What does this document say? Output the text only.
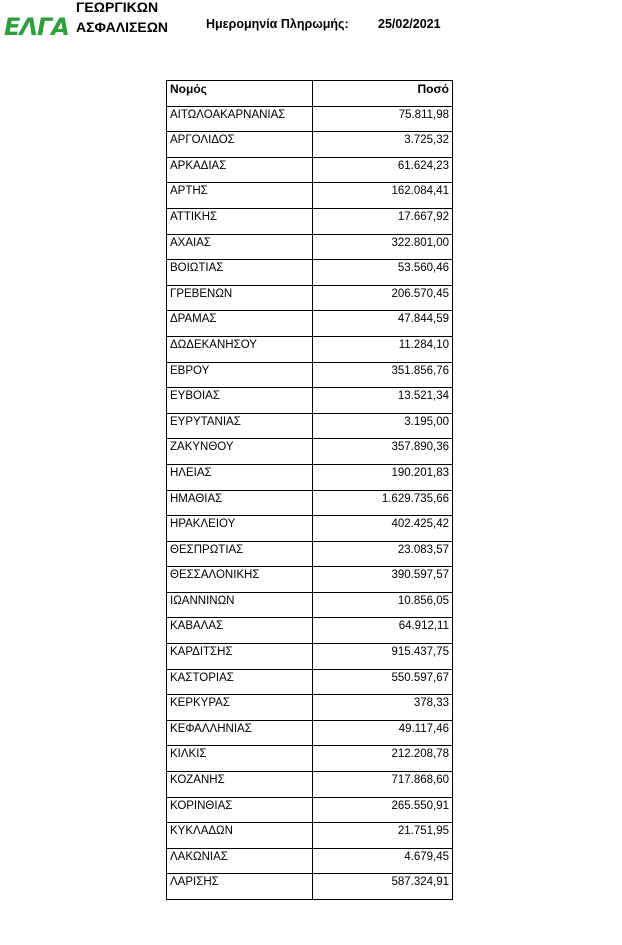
ΕΛΓΑ
ΓΕΩΡΓΙΚΩΝ
ΑΣΦΑΛΙΣΕΩΝ	Ημερομηνία Πληρωμής: 25/02/2021
Νομός	Ποσό
ΑΙΤΩΛΟΑΚΑΡΝΑΝΙΑΣ	75.811,98
ΑΡΓΟΛΙΔΟΣ	3.725,32
ΑΡΚΑΔΙΑΣ	61.624,23
ΑΡΤΗΣ	162.084,41
ΑΤΤΙΚΗΣ	17.667,92
ΑΧΑΙΑΣ	322.801,00
ΒΟΙΩΤΙΑΣ	53.560,46
ΓΡΕΒΕΝΩΝ	206.570,45
ΔΡΑΜΑΣ	47.844,59
ΔΩΔΕΚΑΝΗΣΟΥ	11.284,10
ΕΒΡΟΥ	351.856,76
ΕΥΒΟΙΑΣ	13.521,34
ΕΥΡΥΤΑΝΙΑΣ	3.195,00
ΖΑΚΥΝΘΟΥ	357.890,36
ΗΛΕΙΑΣ	190.201,83
ΗΜΑΘΙΑΣ	1.629.735,66
ΗΡΑΚΛΕΙΟΥ	402.425,42
ΘΕΣΠΡΩΤΙΑΣ	23.083,57
ΘΕΣΣΑΛΟΝΙΚΗΣ	390.597,57
ΙΩΑΝΝΙΝΩΝ	10.856,05
ΚΑΒΑΛΑΣ	64.912,11
ΚΑΡΔΙΤΣΗΣ	915.437,75
ΚΑΣΤΟΡΙΑΣ	550.597,67
ΚΕΡΚΥΡΑΣ	378,33
ΚΕΦΑΛΛΗΝΙΑΣ	49.117,46
ΚΙΛΚΙΣ	212.208,78
ΚΟΖΑΝΗΣ	717.868,60
ΚΟΡΙΝΘΙΑΣ	265.550,91
ΚΥΚΛΑΔΩΝ	21.751,95
ΛΑΚΩΝΙΑΣ	4.679,45
ΛΑΡΙΣΗΣ	587.324,91
